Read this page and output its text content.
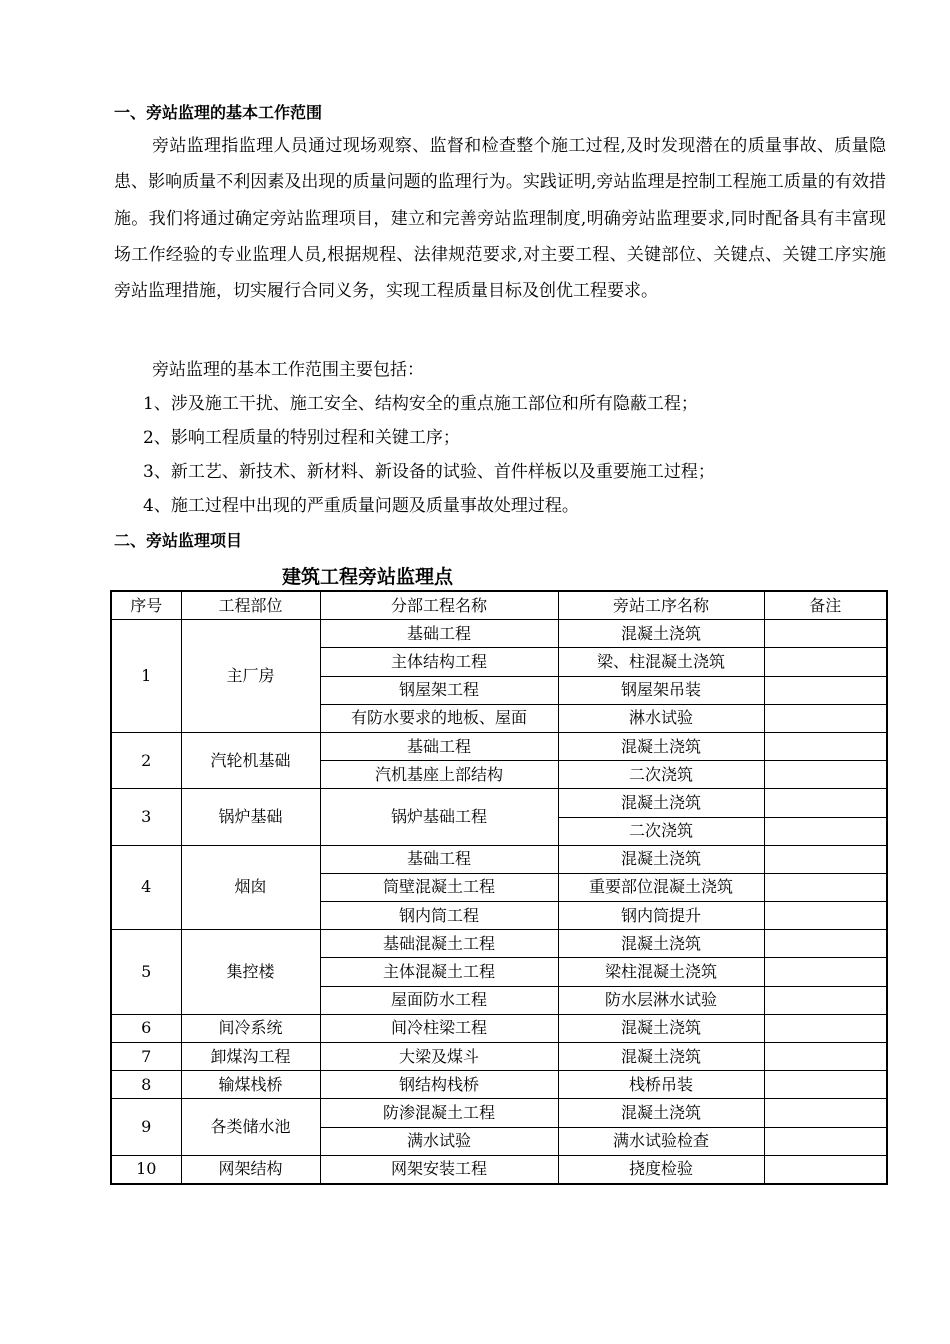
一、旁站监理的基本工作范围

旁站监理指监理人员通过现场观察、监督和检查整个施工过程,及时发现潜在的质量事故、质量隐患、影响质量不利因素及出现的质量问题的监理行为。实践证明,旁站监理是控制工程施工质量的有效措施。我们将通过确定旁站监理项目，建立和完善旁站监理制度,明确旁站监理要求,同时配备具有丰富现场工作经验的专业监理人员,根据规程、法律规范要求,对主要工程、关键部位、关键点、关键工序实施旁站监理措施，切实履行合同义务，实现工程质量目标及创优工程要求。

旁站监理的基本工作范围主要包括：
1、涉及施工干扰、施工安全、结构安全的重点施工部位和所有隐蔽工程；
2、影响工程质量的特别过程和关键工序；
3、新工艺、新技术、新材料、新设备的试验、首件样板以及重要施工过程；
4、施工过程中出现的严重质量问题及质量事故处理过程。
二、旁站监理项目
建筑工程旁站监理点
序号	工程部位	分部工程名称	旁站工序名称	备注
1	主厂房	基础工程	混凝土浇筑	
		主体结构工程	梁、柱混凝土浇筑	
		钢屋架工程	钢屋架吊装	
		有防水要求的地板、屋面	淋水试验	
2	汽轮机基础	基础工程	混凝土浇筑	
		汽机基座上部结构	二次浇筑	
3	锅炉基础	锅炉基础工程	混凝土浇筑	
			二次浇筑	
4	烟囱	基础工程	混凝土浇筑	
		筒壁混凝土工程	重要部位混凝土浇筑	
		钢内筒工程	钢内筒提升	
5	集控楼	基础混凝土工程	混凝土浇筑	
		主体混凝土工程	梁柱混凝土浇筑	
		屋面防水工程	防水层淋水试验	
6	间冷系统	间冷柱梁工程	混凝土浇筑	
7	卸煤沟工程	大梁及煤斗	混凝土浇筑	
8	输煤栈桥	钢结构栈桥	栈桥吊装	
9	各类储水池	防渗混凝土工程	混凝土浇筑	
		满水试验	满水试验检查	
10	网架结构	网架安装工程	挠度检验	
